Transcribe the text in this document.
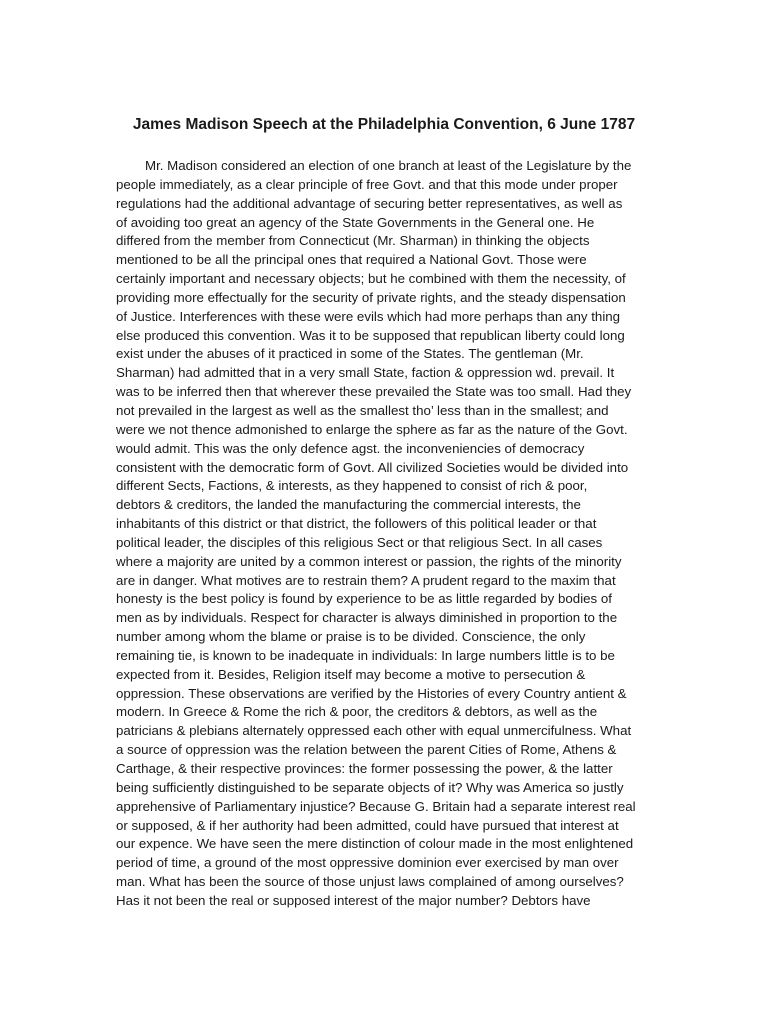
James Madison Speech at the Philadelphia Convention, 6 June 1787

Mr. Madison considered an election of one branch at least of the Legislature by the
people immediately, as a clear principle of free Govt. and that this mode under proper
regulations had the additional advantage of securing better representatives, as well as
of avoiding too great an agency of the State Governments in the General one. He
differed from the member from Connecticut (Mr. Sharman) in thinking the objects
mentioned to be all the principal ones that required a National Govt. Those were
certainly important and necessary objects; but he combined with them the necessity, of
providing more effectually for the security of private rights, and the steady dispensation
of Justice. Interferences with these were evils which had more perhaps than any thing
else produced this convention. Was it to be supposed that republican liberty could long
exist under the abuses of it practiced in some of the States. The gentleman (Mr.
Sharman) had admitted that in a very small State, faction & oppression wd. prevail. It
was to be inferred then that wherever these prevailed the State was too small. Had they
not prevailed in the largest as well as the smallest tho’ less than in the smallest; and
were we not thence admonished to enlarge the sphere as far as the nature of the Govt.
would admit. This was the only defence agst. the inconveniencies of democracy
consistent with the democratic form of Govt. All civilized Societies would be divided into
different Sects, Factions, & interests, as they happened to consist of rich & poor,
debtors & creditors, the landed the manufacturing the commercial interests, the
inhabitants of this district or that district, the followers of this political leader or that
political leader, the disciples of this religious Sect or that religious Sect. In all cases
where a majority are united by a common interest or passion, the rights of the minority
are in danger. What motives are to restrain them? A prudent regard to the maxim that
honesty is the best policy is found by experience to be as little regarded by bodies of
men as by individuals. Respect for character is always diminished in proportion to the
number among whom the blame or praise is to be divided. Conscience, the only
remaining tie, is known to be inadequate in individuals: In large numbers little is to be
expected from it. Besides, Religion itself may become a motive to persecution &
oppression. These observations are verified by the Histories of every Country antient &
modern. In Greece & Rome the rich & poor, the creditors & debtors, as well as the
patricians & plebians alternately oppressed each other with equal unmercifulness. What
a source of oppression was the relation between the parent Cities of Rome, Athens &
Carthage, & their respective provinces: the former possessing the power, & the latter
being sufficiently distinguished to be separate objects of it? Why was America so justly
apprehensive of Parliamentary injustice? Because G. Britain had a separate interest real
or supposed, & if her authority had been admitted, could have pursued that interest at
our expence. We have seen the mere distinction of colour made in the most enlightened
period of time, a ground of the most oppressive dominion ever exercised by man over
man. What has been the source of those unjust laws complained of among ourselves?
Has it not been the real or supposed interest of the major number? Debtors have
